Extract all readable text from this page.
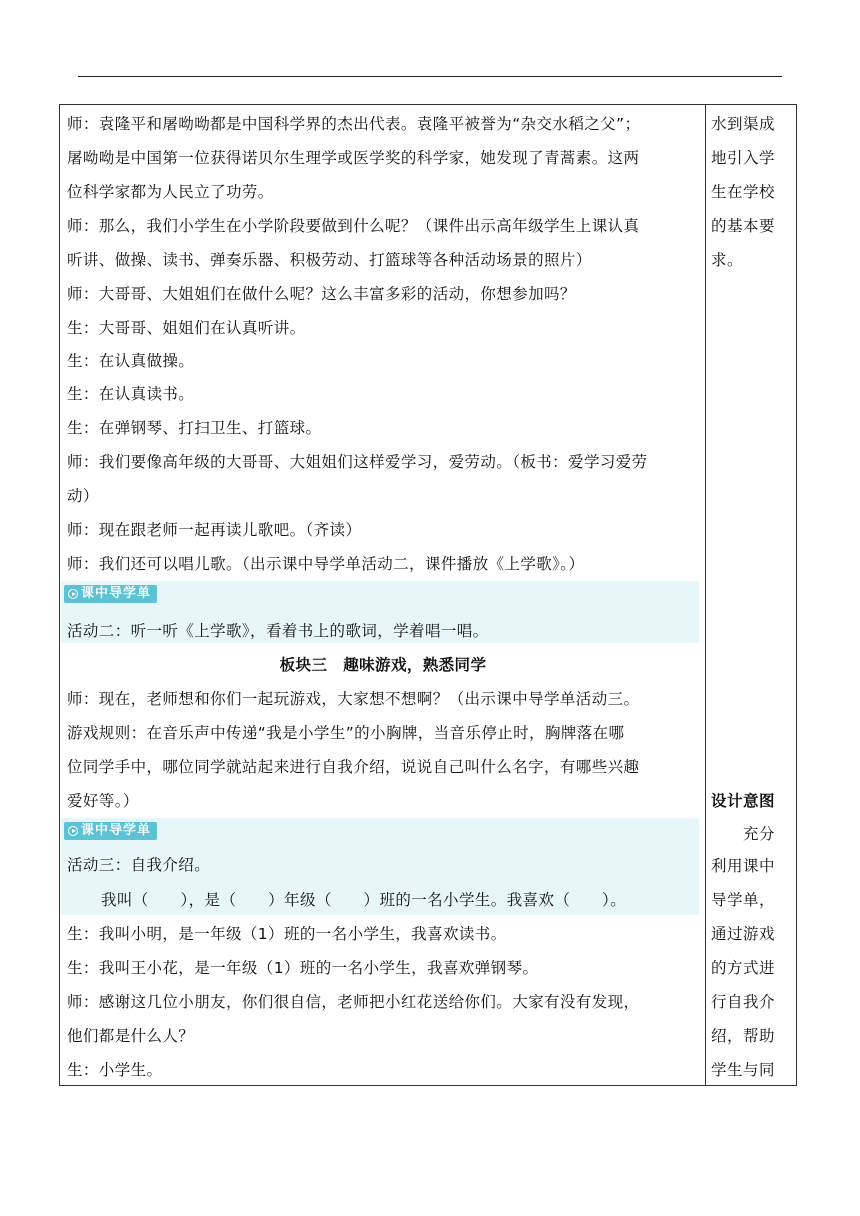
师：袁隆平和屠呦呦都是中国科学界的杰出代表。袁隆平被誉为“杂交水稻之父”；
屠呦呦是中国第一位获得诺贝尔生理学或医学奖的科学家，她发现了青蒿素。这两
位科学家都为人民立了功劳。
师：那么，我们小学生在小学阶段要做到什么呢？（课件出示高年级学生上课认真
听讲、做操、读书、弹奏乐器、积极劳动、打篮球等各种活动场景的照片）
师：大哥哥、大姐姐们在做什么呢？这么丰富多彩的活动，你想参加吗？
生：大哥哥、姐姐们在认真听讲。
生：在认真做操。
生：在认真读书。
生：在弹钢琴、打扫卫生、打篮球。
师：我们要像高年级的大哥哥、大姐姐们这样爱学习，爱劳动。（板书：爱学习爱劳
动）
师：现在跟老师一起再读儿歌吧。（齐读）
师：我们还可以唱儿歌。（出示课中导学单活动二，课件播放《上学歌》。）
课中导学单
活动二：听一听《上学歌》，看着书上的歌词，学着唱一唱。
板块三　趣味游戏，熟悉同学
师：现在，老师想和你们一起玩游戏，大家想不想啊？（出示课中导学单活动三。
游戏规则：在音乐声中传递“我是小学生”的小胸牌，当音乐停止时，胸牌落在哪
位同学手中，哪位同学就站起来进行自我介绍，说说自己叫什么名字，有哪些兴趣
爱好等。）
课中导学单
活动三：自我介绍。
我叫（　　），是（　　）年级（　　）班的一名小学生。我喜欢（　　）。
生：我叫小明，是一年级（1）班的一名小学生，我喜欢读书。
生：我叫王小花，是一年级（1）班的一名小学生，我喜欢弹钢琴。
师：感谢这几位小朋友，你们很自信，老师把小红花送给你们。大家有没有发现，
他们都是什么人？
生：小学生。
水到渠成
地引入学
生在学校
的基本要
求。
设计意图
充分
利用课中
导学单，
通过游戏
的方式进
行自我介
绍，帮助
学生与同
